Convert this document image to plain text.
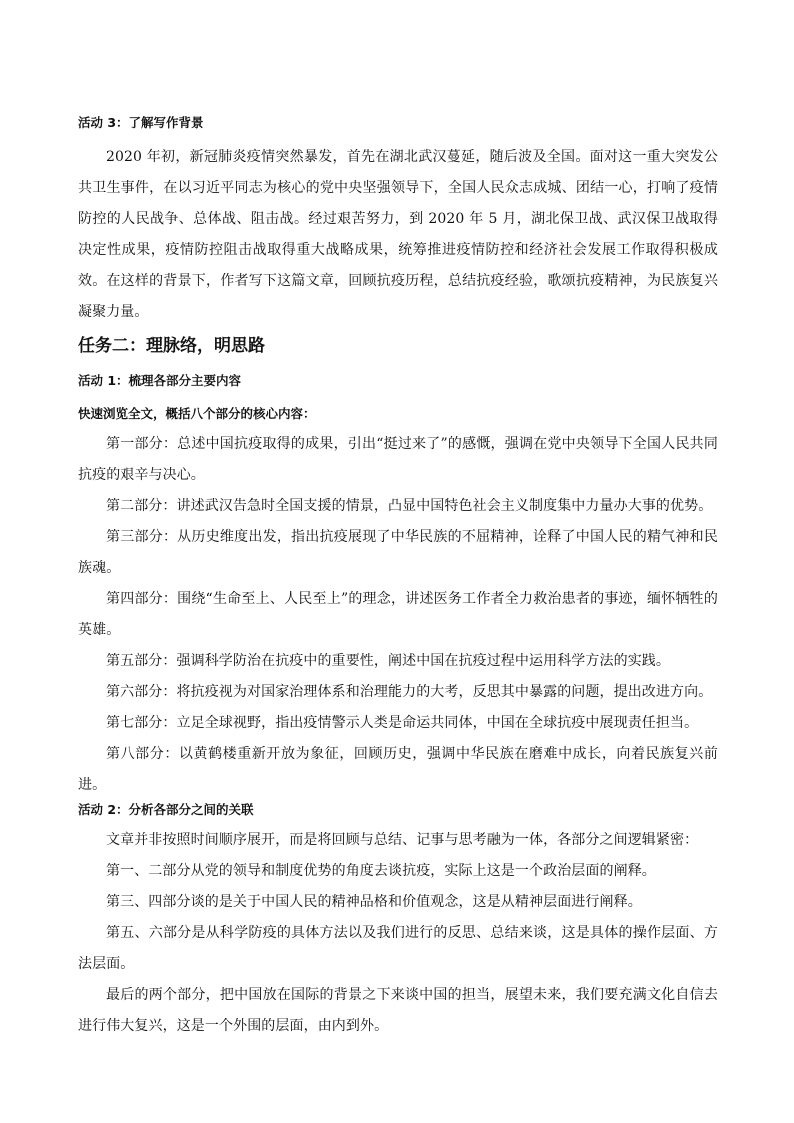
活动 3：了解写作背景

2020 年初，新冠肺炎疫情突然暴发，首先在湖北武汉蔓延，随后波及全国。面对这一重大突发公共卫生事件，在以习近平同志为核心的党中央坚强领导下，全国人民众志成城、团结一心，打响了疫情防控的人民战争、总体战、阻击战。经过艰苦努力，到 2020 年 5 月，湖北保卫战、武汉保卫战取得决定性成果，疫情防控阻击战取得重大战略成果，统筹推进疫情防控和经济社会发展工作取得积极成效。在这样的背景下，作者写下这篇文章，回顾抗疫历程，总结抗疫经验，歌颂抗疫精神，为民族复兴凝聚力量。

任务二：理脉络，明思路

活动 1：梳理各部分主要内容

快速浏览全文，概括八个部分的核心内容：

第一部分：总述中国抗疫取得的成果，引出“挺过来了”的感慨，强调在党中央领导下全国人民共同抗疫的艰辛与决心。

第二部分：讲述武汉告急时全国支援的情景，凸显中国特色社会主义制度集中力量办大事的优势。

第三部分：从历史维度出发，指出抗疫展现了中华民族的不屈精神，诠释了中国人民的精气神和民族魂。

第四部分：围绕“生命至上、人民至上”的理念，讲述医务工作者全力救治患者的事迹，缅怀牺牲的英雄。

第五部分：强调科学防治在抗疫中的重要性，阐述中国在抗疫过程中运用科学方法的实践。

第六部分：将抗疫视为对国家治理体系和治理能力的大考，反思其中暴露的问题，提出改进方向。

第七部分：立足全球视野，指出疫情警示人类是命运共同体，中国在全球抗疫中展现责任担当。

第八部分：以黄鹤楼重新开放为象征，回顾历史，强调中华民族在磨难中成长，向着民族复兴前进。

活动 2：分析各部分之间的关联

文章并非按照时间顺序展开，而是将回顾与总结、记事与思考融为一体，各部分之间逻辑紧密：

第一、二部分从党的领导和制度优势的角度去谈抗疫，实际上这是一个政治层面的阐释。

第三、四部分谈的是关于中国人民的精神品格和价值观念，这是从精神层面进行阐释。

第五、六部分是从科学防疫的具体方法以及我们进行的反思、总结来谈，这是具体的操作层面、方法层面。

最后的两个部分，把中国放在国际的背景之下来谈中国的担当，展望未来，我们要充满文化自信去进行伟大复兴，这是一个外围的层面，由内到外。
